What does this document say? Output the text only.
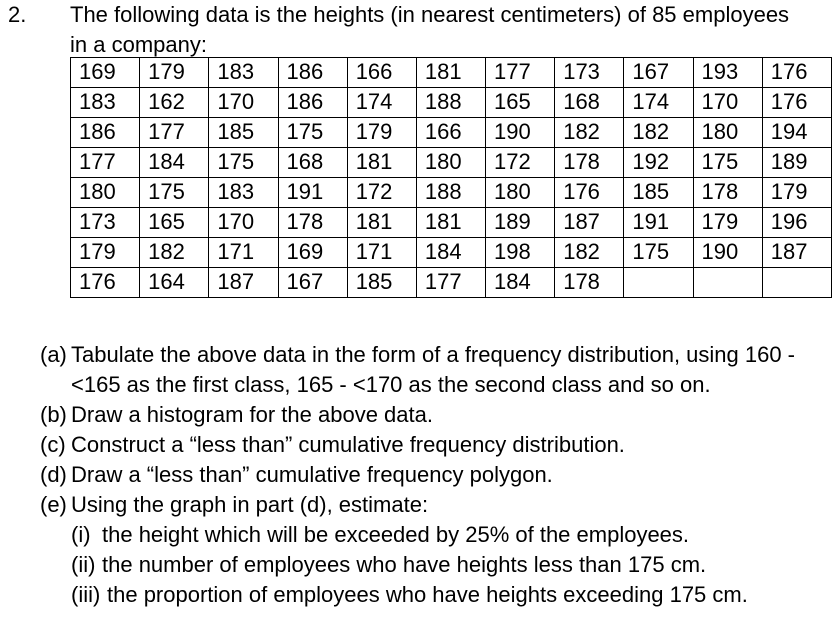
2. The following data is the heights (in nearest centimeters) of 85 employees
in a company:
169	179	183	186	166	181	177	173	167	193	176
183	162	170	186	174	188	165	168	174	170	176
186	177	185	175	179	166	190	182	182	180	194
177	184	175	168	181	180	172	178	192	175	189
180	175	183	191	172	188	180	176	185	178	179
173	165	170	178	181	181	189	187	191	179	196
179	182	171	169	171	184	198	182	175	190	187
176	164	187	167	185	177	184	178			
(a) Tabulate the above data in the form of a frequency distribution, using 160 -
<165 as the first class, 165 - <170 as the second class and so on.
(b) Draw a histogram for the above data.
(c) Construct a “less than” cumulative frequency distribution.
(d) Draw a “less than” cumulative frequency polygon.
(e) Using the graph in part (d), estimate:
(i) the height which will be exceeded by 25% of the employees.
(ii) the number of employees who have heights less than 175 cm.
(iii) the proportion of employees who have heights exceeding 175 cm.
